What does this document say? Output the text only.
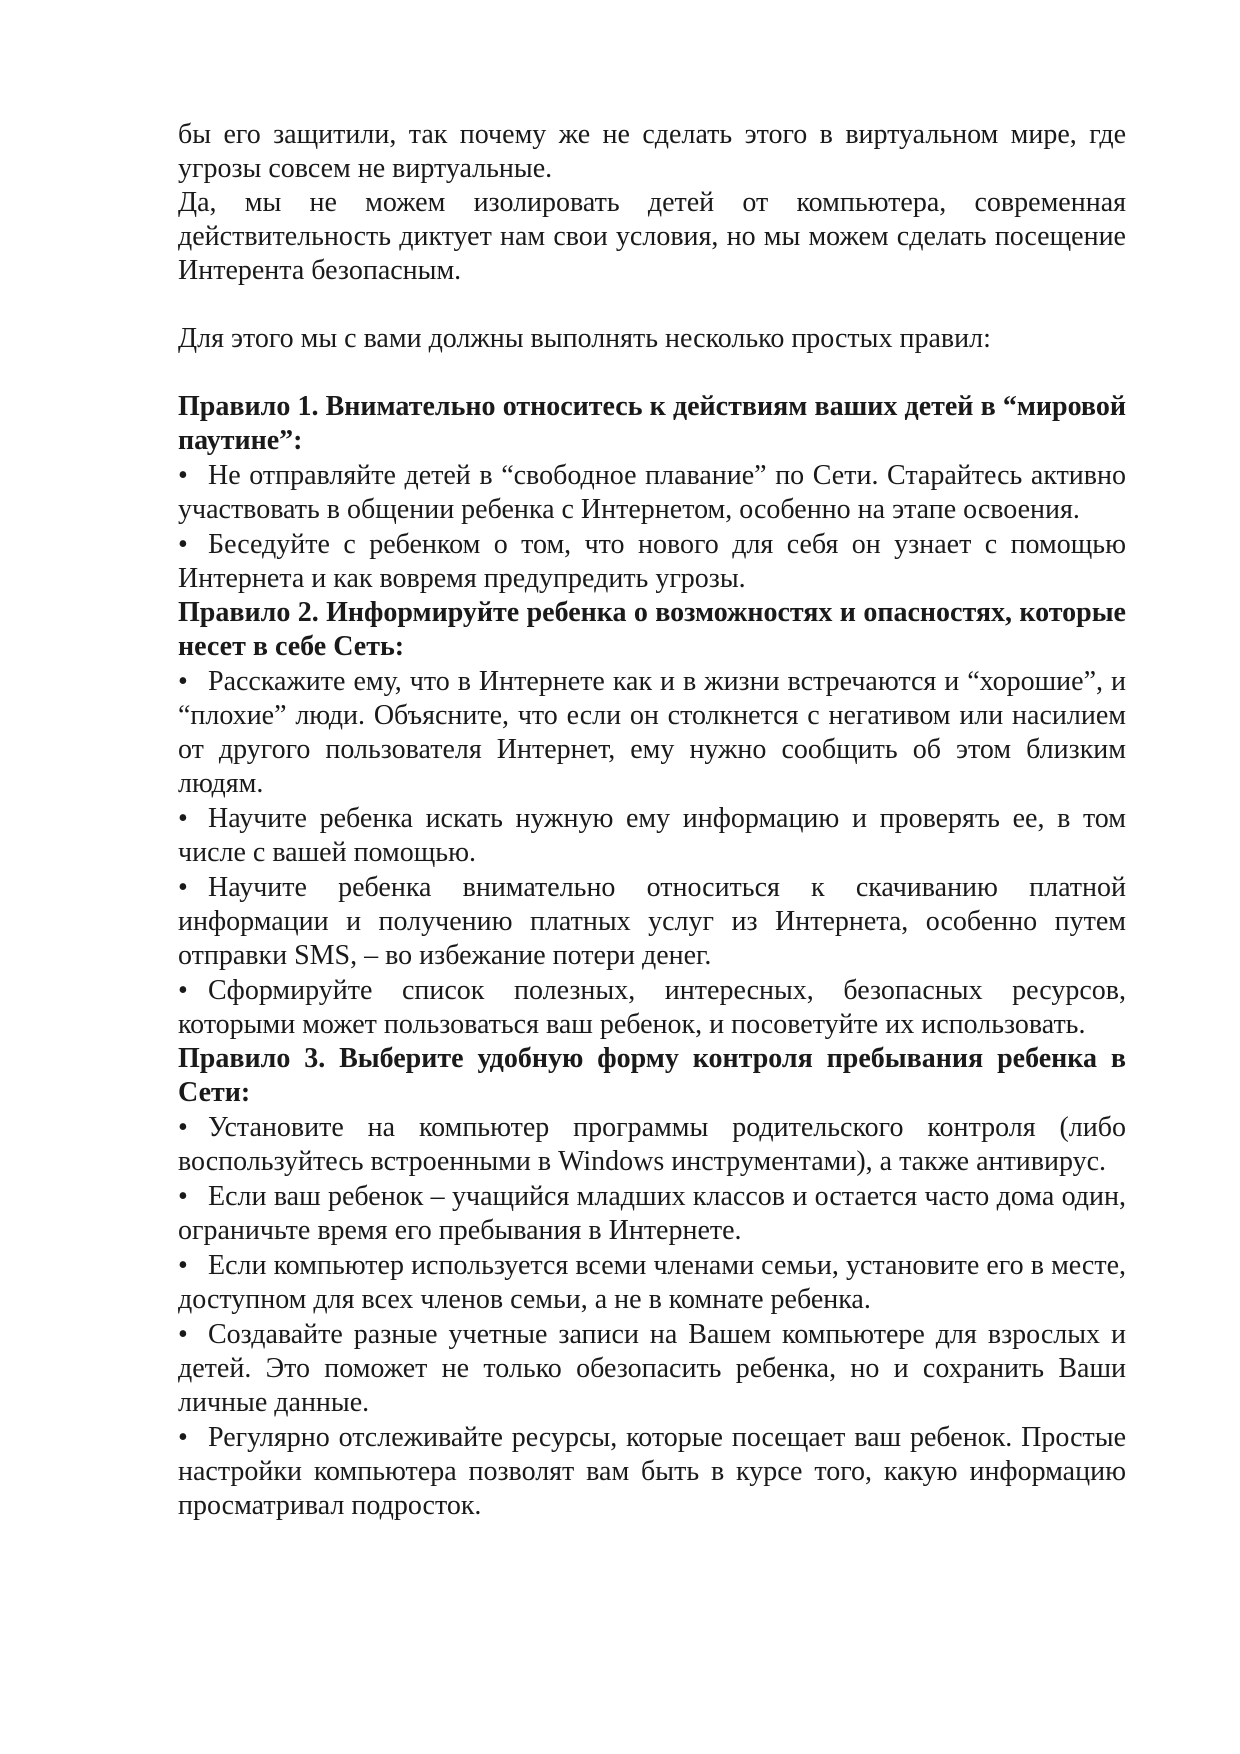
бы его защитили, так почему же не сделать этого в виртуальном мире, где угрозы совсем не виртуальные.

Да, мы не можем изолировать детей от компьютера, современная действительность диктует нам свои условия, но мы можем сделать посещение Интерента безопасным.

Для этого мы с вами должны выполнять несколько простых правил:

Правило 1. Внимательно относитесь к действиям ваших детей в “мировой паутине”:

• Не отправляйте детей в “свободное плавание” по Сети. Старайтесь активно участвовать в общении ребенка с Интернетом, особенно на этапе освоения.

• Беседуйте с ребенком о том, что нового для себя он узнает с помощью Интернета и как вовремя предупредить угрозы.

Правило 2. Информируйте ребенка о возможностях и опасностях, которые несет в себе Сеть:

• Расскажите ему, что в Интернете как и в жизни встречаются и “хорошие”, и “плохие” люди. Объясните, что если он столкнется с негативом или насилием от другого пользователя Интернет, ему нужно сообщить об этом близким людям.

• Научите ребенка искать нужную ему информацию и проверять ее, в том числе с вашей помощью.

• Научите ребенка внимательно относиться к скачиванию платной информации и получению платных услуг из Интернета, особенно путем отправки SMS, – во избежание потери денег.

• Сформируйте список полезных, интересных, безопасных ресурсов, которыми может пользоваться ваш ребенок, и посоветуйте их использовать.

Правило 3. Выберите удобную форму контроля пребывания ребенка в Сети:

• Установите на компьютер программы родительского контроля (либо воспользуйтесь встроенными в Windows инструментами), а также антивирус.

• Если ваш ребенок – учащийся младших классов и остается часто дома один, ограничьте время его пребывания в Интернете.

• Если компьютер используется всеми членами семьи, установите его в месте, доступном для всех членов семьи, а не в комнате ребенка.

• Создавайте разные учетные записи на Вашем компьютере для взрослых и детей. Это поможет не только обезопасить ребенка, но и сохранить Ваши личные данные.

• Регулярно отслеживайте ресурсы, которые посещает ваш ребенок. Простые настройки компьютера позволят вам быть в курсе того, какую информацию просматривал подросток.
